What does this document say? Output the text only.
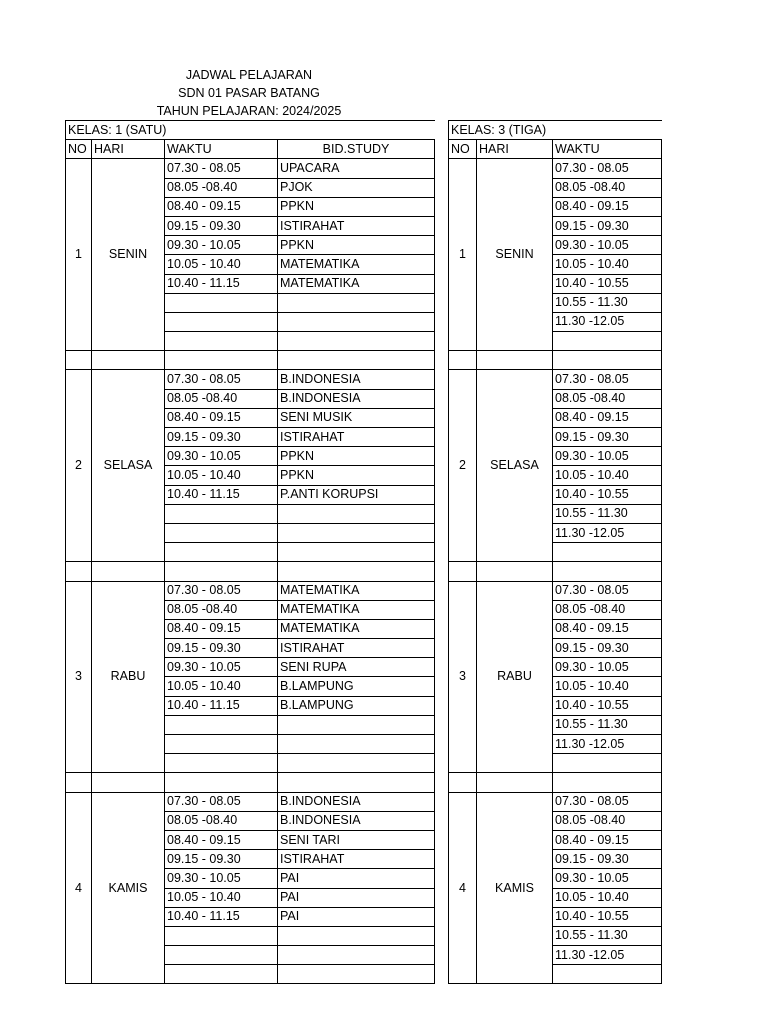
JADWAL PELAJARAN
SDN 01 PASAR BATANG
TAHUN PELAJARAN: 2024/2025
KELAS: 1 (SATU)			
NO	HARI	WAKTU	BID.STUDY
1	SENIN	07.30 - 08.05	UPACARA
		08.05 -08.40	PJOK
		08.40 - 09.15	PPKN
		09.15 - 09.30	ISTIRAHAT
		09.30 - 10.05	PPKN
		10.05 - 10.40	MATEMATIKA
		10.40 - 11.15	MATEMATIKA

2	SELASA	07.30 - 08.05	B.INDONESIA
		08.05 -08.40	B.INDONESIA
		08.40 - 09.15	SENI MUSIK
		09.15 - 09.30	ISTIRAHAT
		09.30 - 10.05	PPKN
		10.05 - 10.40	PPKN
		10.40 - 11.15	P.ANTI KORUPSI

3	RABU	07.30 - 08.05	MATEMATIKA
		08.05 -08.40	MATEMATIKA
		08.40 - 09.15	MATEMATIKA
		09.15 - 09.30	ISTIRAHAT
		09.30 - 10.05	SENI RUPA
		10.05 - 10.40	B.LAMPUNG
		10.40 - 11.15	B.LAMPUNG

4	KAMIS	07.30 - 08.05	B.INDONESIA
		08.05 -08.40	B.INDONESIA
		08.40 - 09.15	SENI TARI
		09.15 - 09.30	ISTIRAHAT
		09.30 - 10.05	PAI
		10.05 - 10.40	PAI
		10.40 - 11.15	PAI

KELAS: 3 (TIGA)		
NO	HARI	WAKTU
1	SENIN	07.30 - 08.05
		08.05 -08.40
		08.40 - 09.15
		09.15 - 09.30
		09.30 - 10.05
		10.05 - 10.40
		10.40 - 10.55
		10.55 - 11.30
		11.30 -12.05

2	SELASA	07.30 - 08.05
		08.05 -08.40
		08.40 - 09.15
		09.15 - 09.30
		09.30 - 10.05
		10.05 - 10.40
		10.40 - 10.55
		10.55 - 11.30
		11.30 -12.05

3	RABU	07.30 - 08.05
		08.05 -08.40
		08.40 - 09.15
		09.15 - 09.30
		09.30 - 10.05
		10.05 - 10.40
		10.40 - 10.55
		10.55 - 11.30
		11.30 -12.05

4	KAMIS	07.30 - 08.05
		08.05 -08.40
		08.40 - 09.15
		09.15 - 09.30
		09.30 - 10.05
		10.05 - 10.40
		10.40 - 10.55
		10.55 - 11.30
		11.30 -12.05
